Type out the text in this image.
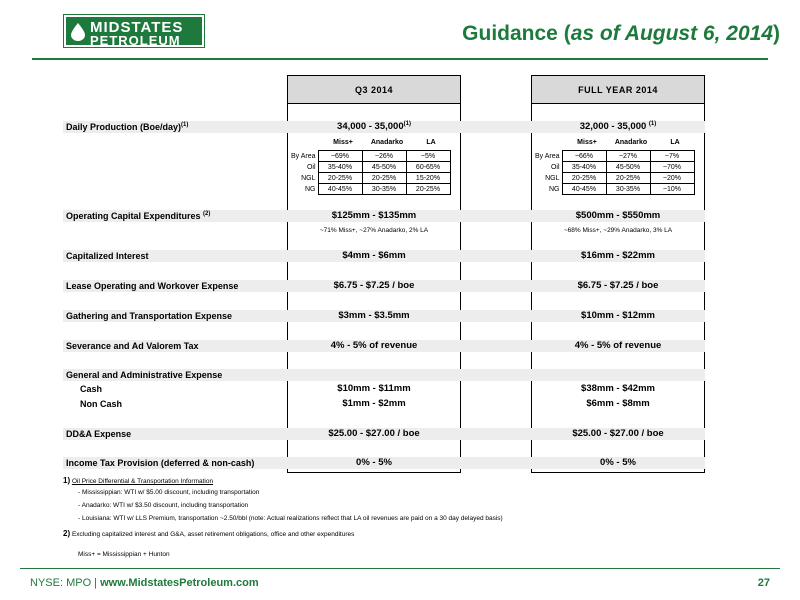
MIDSTATES
PETROLEUM	Guidance (as of August 6, 2014)
Q3 2014	FULL YEAR 2014
Daily Production $(Boe/day)^{(1)}$	34,000 - 35,000$^{(1)}$	32,000 - 35,000 $^{(1)}$
Miss+	Anadarko	LA
By Area	~69%	~26%	~5%
Oil	35-40%	45-50%	60-65%
NGL	20-25%	20-25%	15-20%
NG	40-45%	30-35%	20-25%
Miss+	Anadarko	LA
By Area	~66%	~27%	~7%
Oil	35-40%	45-50%	~70%
NGL	20-25%	20-25%	~20%
NG	40-45%	30-35%	~10%
Operating Capital Expenditures $^{(2)}$	$125mm - $135mm	$500mm - $550mm
~71% Miss+, ~27% Anadarko, 2% LA	~68% Miss+, ~29% Anadarko, 3% LA
Capitalized Interest	$4mm - $6mm	$16mm - $22mm
Lease Operating and Workover Expense	$6.75 - $7.25 / boe	$6.75 - $7.25 / boe
Gathering and Transportation Expense	$3mm - $3.5mm	$10mm - $12mm
Severance and Ad Valorem Tax	4% - 5% of revenue	4% - 5% of revenue
General and Administrative Expense
Cash	$10mm - $11mm	$38mm - $42mm
Non Cash	$1mm - $2mm	$6mm - $8mm
DD&A Expense	$25.00 - $27.00 / boe	$25.00 - $27.00 / boe
Income Tax Provision (deferred & non-cash)	0% - 5%	0% - 5%
1) Oil Price Differential & Transportation Information
- Mississippian: WTI w/ $5.00 discount, including transportation
- Anadarko: WTI w/ $3.50 discount, including transportation
- Louisiana: WTI w/ LLS Premium, transportation ~2.50/bbl (note: Actual realizations reflect that LA oil revenues are paid on a 30 day delayed basis)
2) Excluding capitalized interest and G&A, asset retirement obligations, office and other expenditures
Miss+ = Mississippian + Hunton
NYSE: MPO | www.MidstatesPetroleum.com	27
